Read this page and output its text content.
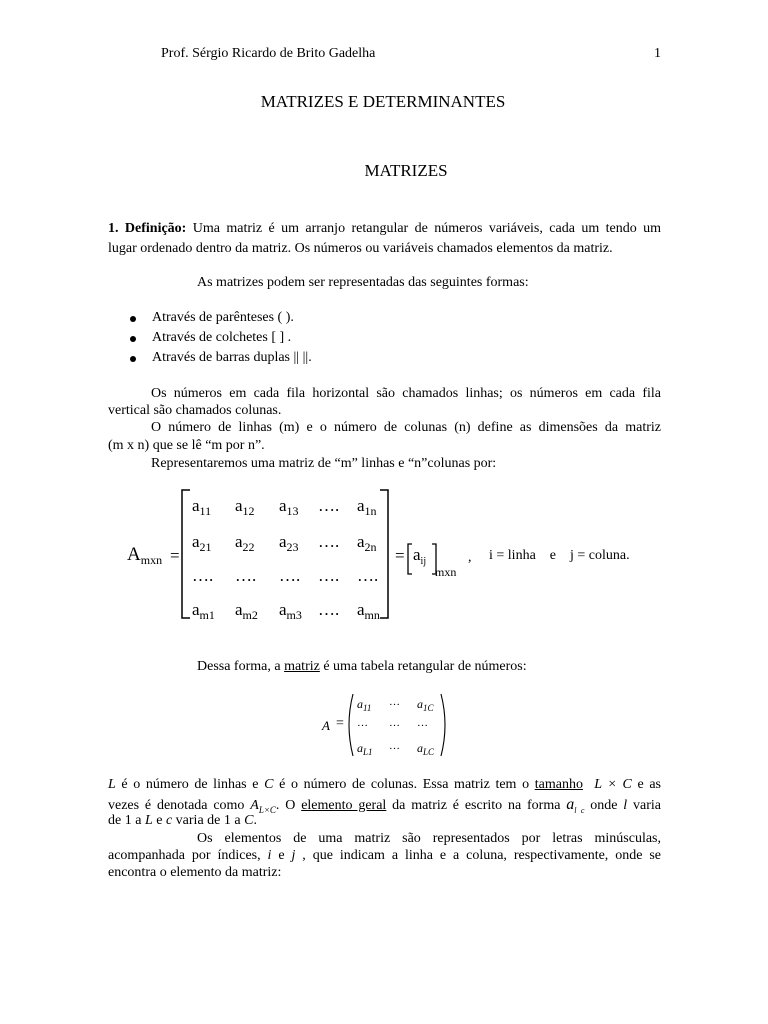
Prof. Sérgio Ricardo de Brito Gadelha	1
MATRIZES E DETERMINANTES
MATRIZES
1. Definição: Uma matriz é um arranjo retangular de números variáveis, cada um tendo um
lugar ordenado dentro da matriz. Os números ou variáveis chamados elementos da matriz.
As matrizes podem ser representadas das seguintes formas:
Através de parênteses ( ).
Através de colchetes [ ] .
Através de barras duplas || ||.
Os números em cada fila horizontal são chamados linhas; os números em cada fila
vertical são chamados colunas.
O número de linhas (m) e o número de colunas (n) define as dimensões da matriz
(m x n) que se lê “m por n”.
Representaremos uma matriz de “m” linhas e “n”colunas por:
$A_{mxn}$ =
$a_{11}$ $a_{12}$ $a_{13}$ …. $a_{1n}$
$a_{21}$ $a_{22}$ $a_{23}$ …. $a_{2n}$
…. …. …. …. ….
$a_{m1}$ $a_{m2}$ $a_{m3}$ …. $a_{mn}$
= $a_{ij}$
mxn
, i = linha    e    j = coluna.
Dessa forma, a matriz é uma tabela retangular de números:
A =
$a_{11}$ … $a_{1C}$
… … …
$a_{L1}$ … $a_{LC}$
L é o número de linhas e C é o número de colunas. Essa matriz tem o tamanho L × C e as
vezes é denotada como $A_{L\times C}$. O elemento geral da matriz é escrito na forma $a_{l c}$ onde l varia
de 1 a L e c varia de 1 a C.
Os elementos de uma matriz são representados por letras minúsculas,
acompanhada por índices, i e j , que indicam a linha e a coluna, respectivamente, onde se
encontra o elemento da matriz:
